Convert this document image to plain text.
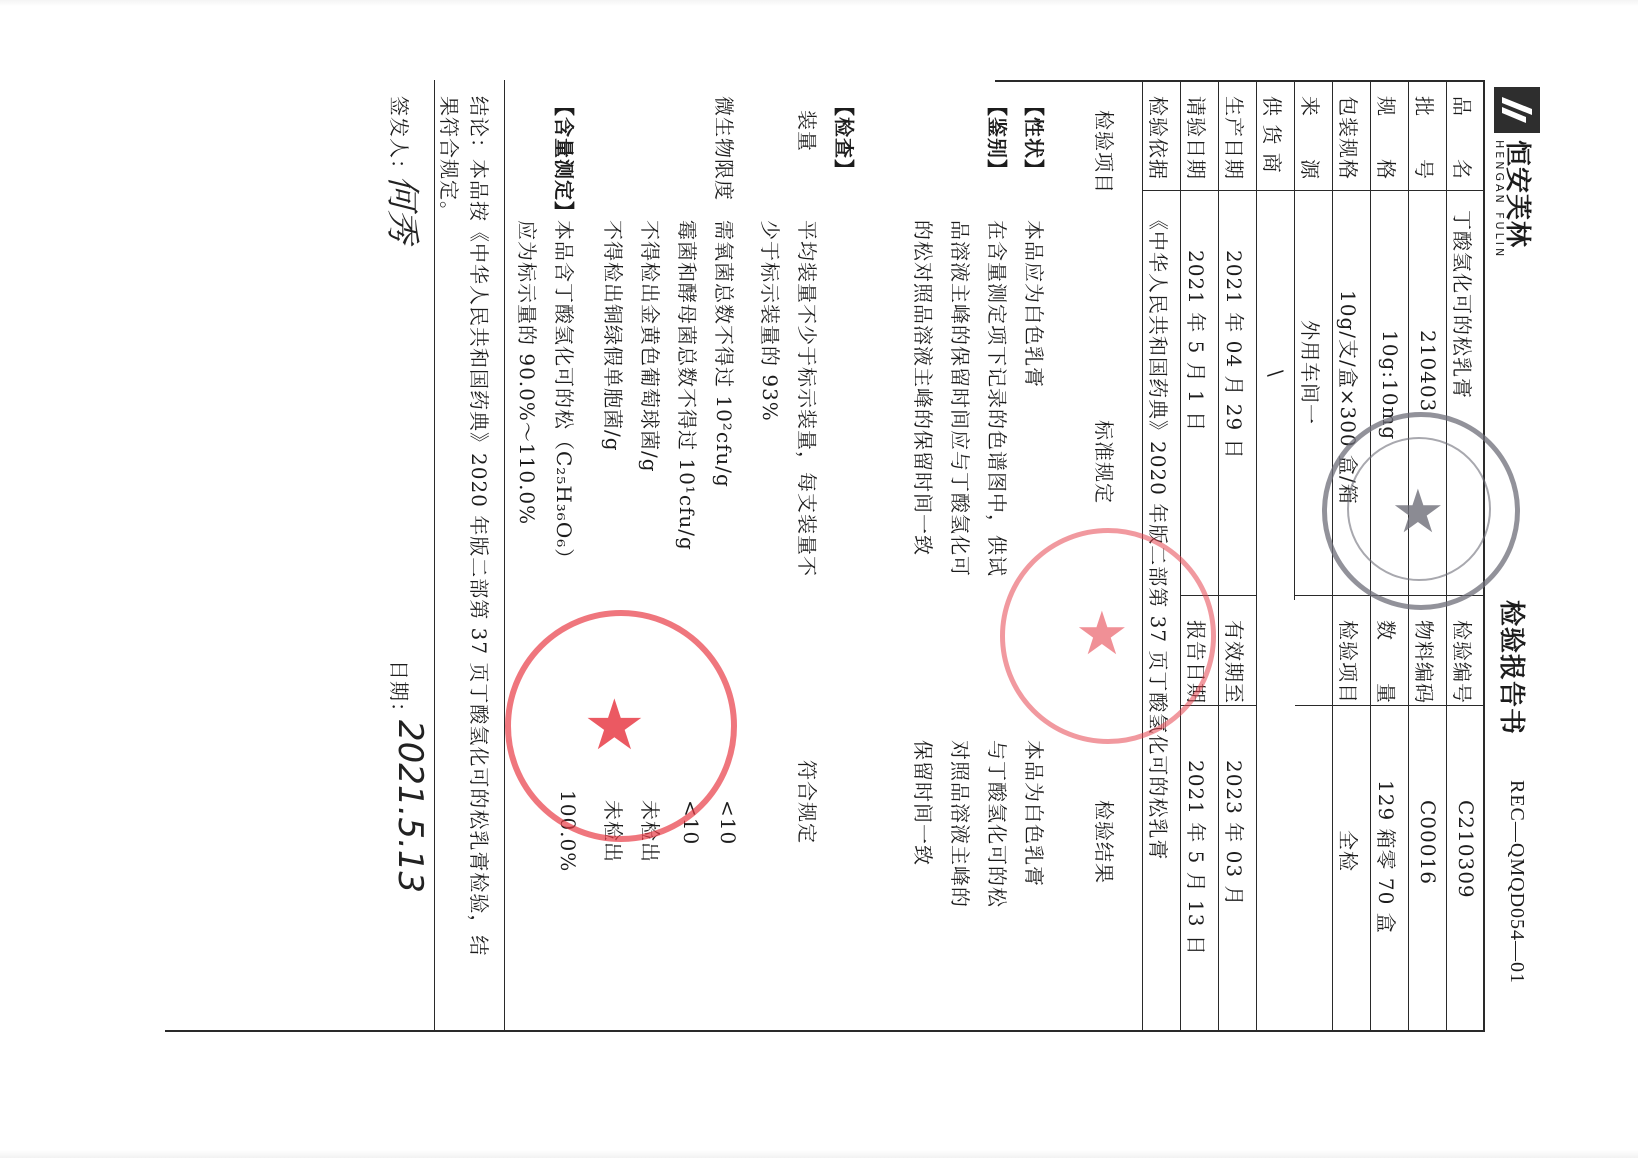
恒安芙林
HENGAN FULIN
检验报告书
REC—QMQD054—01
品　　名
批　　号
规　　格
包装规格
来　　源
供 货 商
生产日期
请验日期
检验依据
丁酸氢化可的松乳膏
210403
10g:10mg
10g/支/盒×300 盒/箱
外用车间一
\
2021 年 04 月 29 日
2021 年 5 月 1 日
《中华人民共和国药典》2020 年版二部第 37 页丁酸氢化可的松乳膏	检验编号
C210309
物料编码
C00016
数　　量
129 箱零 70 盒
检验项目
全检
有效期至
2023 年 03 月
报告日期
2021 年 5 月 13 日
检验项目
标准规定
检验结果
【性状】
本品应为白色乳膏
本品为白色乳膏
【鉴别】
在含量测定项下记录的色谱图中，供试
品溶液主峰的保留时间应与丁酸氢化可
的松对照品溶液主峰的保留时间一致
与丁酸氢化可的松
对照品溶液主峰的
保留时间一致
【检查】
装量
平均装量不少于标示装量，每支装量不
少于标示装量的 93%
符合规定
微生物限度
需氧菌总数不得过 10²cfu/g
<10
霉菌和酵母菌总数不得过 10¹cfu/g
<10
不得检出金黄色葡萄球菌/g
未检出
不得检出铜绿假单胞菌/g
未检出
【含量测定】
本品含丁酸氢化可的松（C₂₅H₃₆O₆）
应为标示量的 90.0%～110.0%
100.0%
结论：本品按《中华人民共和国药典》2020 年版二部第 37 页丁酸氢化可的松乳膏检验，结
果符合规定。
签发人：
何秀
日期：
2021.5.13
★
★
★
